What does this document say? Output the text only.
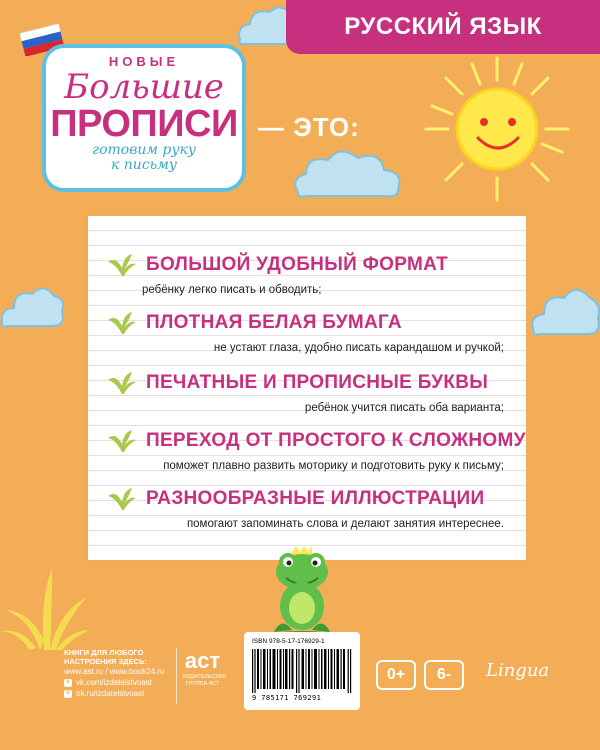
РУССКИЙ ЯЗЫК
НОВЫЕ
Большие
ПРОПИСИ
готовим руку
к письму
— ЭТО:
БОЛЬШОЙ УДОБНЫЙ ФОРМАТ
ребёнку легко писать и обводить;
ПЛОТНАЯ БЕЛАЯ БУМАГА
не устают глаза, удобно писать карандашом и ручкой;
ПЕЧАТНЫЕ И ПРОПИСНЫЕ БУКВЫ
ребёнок учится писать оба варианта;
ПЕРЕХОД ОТ ПРОСТОГО К СЛОЖНОМУ
поможет плавно развить моторику и подготовить руку к письму;
РАЗНООБРАЗНЫЕ ИЛЛЮСТРАЦИИ
помогают запоминать слова и делают занятия интереснее.
ISBN 978-5-17-176929-1
9 785171 769291
КНИГИ ДЛЯ ЛЮБОГО
НАСТРОЕНИЯ ЗДЕСЬ:
www.ast.ru / www.book24.ru
v vk.com/izdatelstvoast
o ok.ru/izdatelstvoast
аст
ИЗДАТЕЛЬСКАЯ
ГРУППА АСТ
0+	6-	Lingua
